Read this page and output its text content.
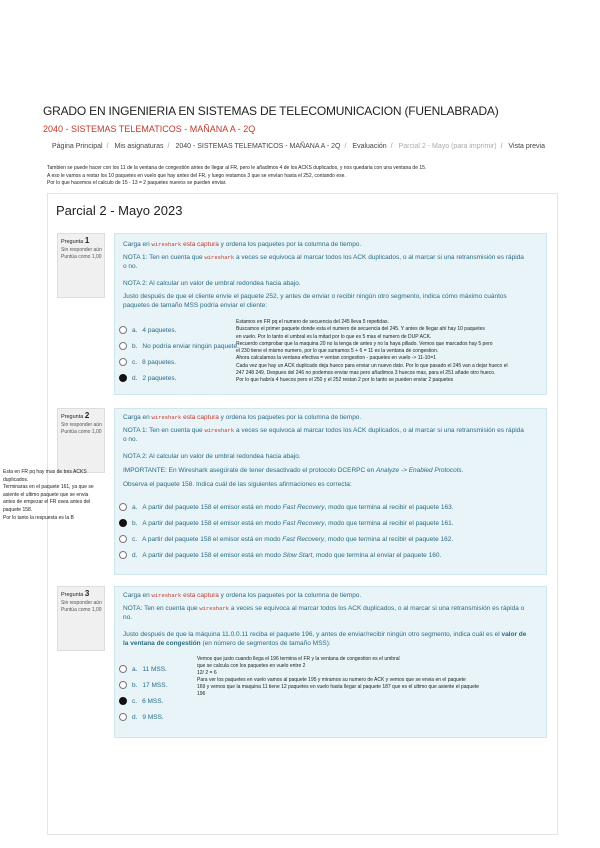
GRADO EN INGENIERIA EN SISTEMAS DE TELECOMUNICACION (FUENLABRADA)
2040 - SISTEMAS TELEMATICOS - MAÑANA A - 2Q
Página Principal / Mis asignaturas / 2040 - SISTEMAS TELEMATICOS - MAÑANA A - 2Q / Evaluación / Parcial 2 - Mayo (para imprimir) / Vista previa
Tambien se puede hacer con los 11 de la ventana de congestión antes de llegar al FR, pero le añadimos 4 de los ACKS duplicados, y nos quedaria con una ventana de 15.
A eso le vamos a restar los 10 paquetes en vuelo que hay antes del FR, y luego restamos 3 que se envían hasta el 252, contando ese.
Por lo que hacemos el calculo de 15 - 13 = 2 paquetes nuevos se pueden enviar.
Parcial 2 - Mayo 2023
Pregunta 1
Sin responder aún
Puntúa como 1,00

Carga en wireshark esta captura y ordena los paquetes por la columna de tiempo.

NOTA 1: Ten en cuenta que wireshark a veces se equivoca al marcar todos los ACK duplicados, o al marcar si una retransmisión es rápida o no.

NOTA 2: Al calcular un valor de umbral redondea hacia abajo.

Justo después de que el cliente envíe el paquete 252, y antes de enviar o recibir ningún otro segmento, indica cómo máximo cuántos paquetes de tamaño MSS podría enviar el cliente:

a. 4 paquetes.
b. No podría enviar ningún paquete.
c. 8 paquetes.
d. 2 paquetes.
Estamos en FR pq el numero de secuencia del 245 lleva 5 repetidas.
Buscamos el primer paquete donde esta el numero de secuencia del 245. Y antes de llegar ahí hay 10 paquetes
en vuelo. Por lo tanto el umbral es la mitad por lo que es 5 mas el numero de DUP ACK.
Recuerdo comprobar que la maquina 20 no la tenga de antes y no la haya pillado. Vemos que marcados hay 5 pero
el 230 tiene el mismo numero, por lo que sumamos 5 + 6 = 11 es la ventana de congestion.
Ahora calculamos la ventana efectiva = ventan congestion - paquetes en vuelo -> 11-10=1
Cada vez que hay un ACK duplicado deja hueco para enviar un nuevo dato. Por lo que pasado el 245 van a dejar hueco el
247 248 249. Despues del 246 no podemos enviar mas pero añadimos 3 huecos mas, para el 251 añade otro hueco.
Por lo que habría 4 huecos pero el 250 y el 252 restan 2 por lo tanto se pueden enviar 2 paquetes
Pregunta 2
Sin responder aún
Puntúa como 1,00

Carga en wireshark esta captura y ordena los paquetes por la columna de tiempo.

NOTA 1: Ten en cuenta que wireshark a veces se equivoca al marcar todos los ACK duplicados, o al marcar si una retransmisión es rápida o no.

NOTA 2: Al calcular un valor de umbral redondea hacia abajo.

IMPORTANTE: En Wireshark asegúrate de tener desactivado el protocolo DCERPC en Analyze -> Enabled Protocols.

Observa el paquete 158. Indica cuál de las siguientes afirmaciones es correcta:

a. A partir del paquete 158 el emisor está en modo Fast Recovery, modo que termina al recibir el paquete 163.
b. A partir del paquete 158 el emisor está en modo Fast Recovery, modo que termina al recibir el paquete 161.
c. A partir del paquete 158 el emisor está en modo Fast Recovery, modo que termina al recibir el paquete 162.
d. A partir del paquete 158 el emisor está en modo Slow Start, modo que termina al enviar el paquete 160.
Esta en FR pq hay mas de tres ACKS
duplicados.
Terminaras en el paquete 161, ya que se
asiente el ultimo paquete que se envia
antes de empezar el FR osea antes del
paquete 158.
Por lo tanto la respuesta es la B
Pregunta 3
Sin responder aún
Puntúa como 1,00

Carga en wireshark esta captura y ordena los paquetes por la columna de tiempo.

NOTA: Ten en cuenta que wireshark a veces se equivoca al marcar todos los ACK duplicados, o al marcar si una retransmisión es rápida o no.

Justo después de que la máquina 11.0.0.11 reciba el paquete 196, y antes de enviar/recibir ningún otro segmento, indica cuál es el valor de la ventana de congestión (en número de segmentos de tamaño MSS):

a. 11 MSS.
b. 17 MSS.
c. 6 MSS.
d. 9 MSS.
Vemos que justo cuando llega el 196 termina el FR y la ventana de congestion es el umbral
que se calcula con los paquetes en vuelo entre 2
12/ 2 = 6
Para ver los paquetes en vuelo vamos al paquete 195 y miramos su numero de ACK y vemos que se envia en el paquete
169 y vemos que la maquina 11 tiene 12 paquetes en vuelo hasta llegar al paquete 187 que es el ultimo que asiente el paquete
196
